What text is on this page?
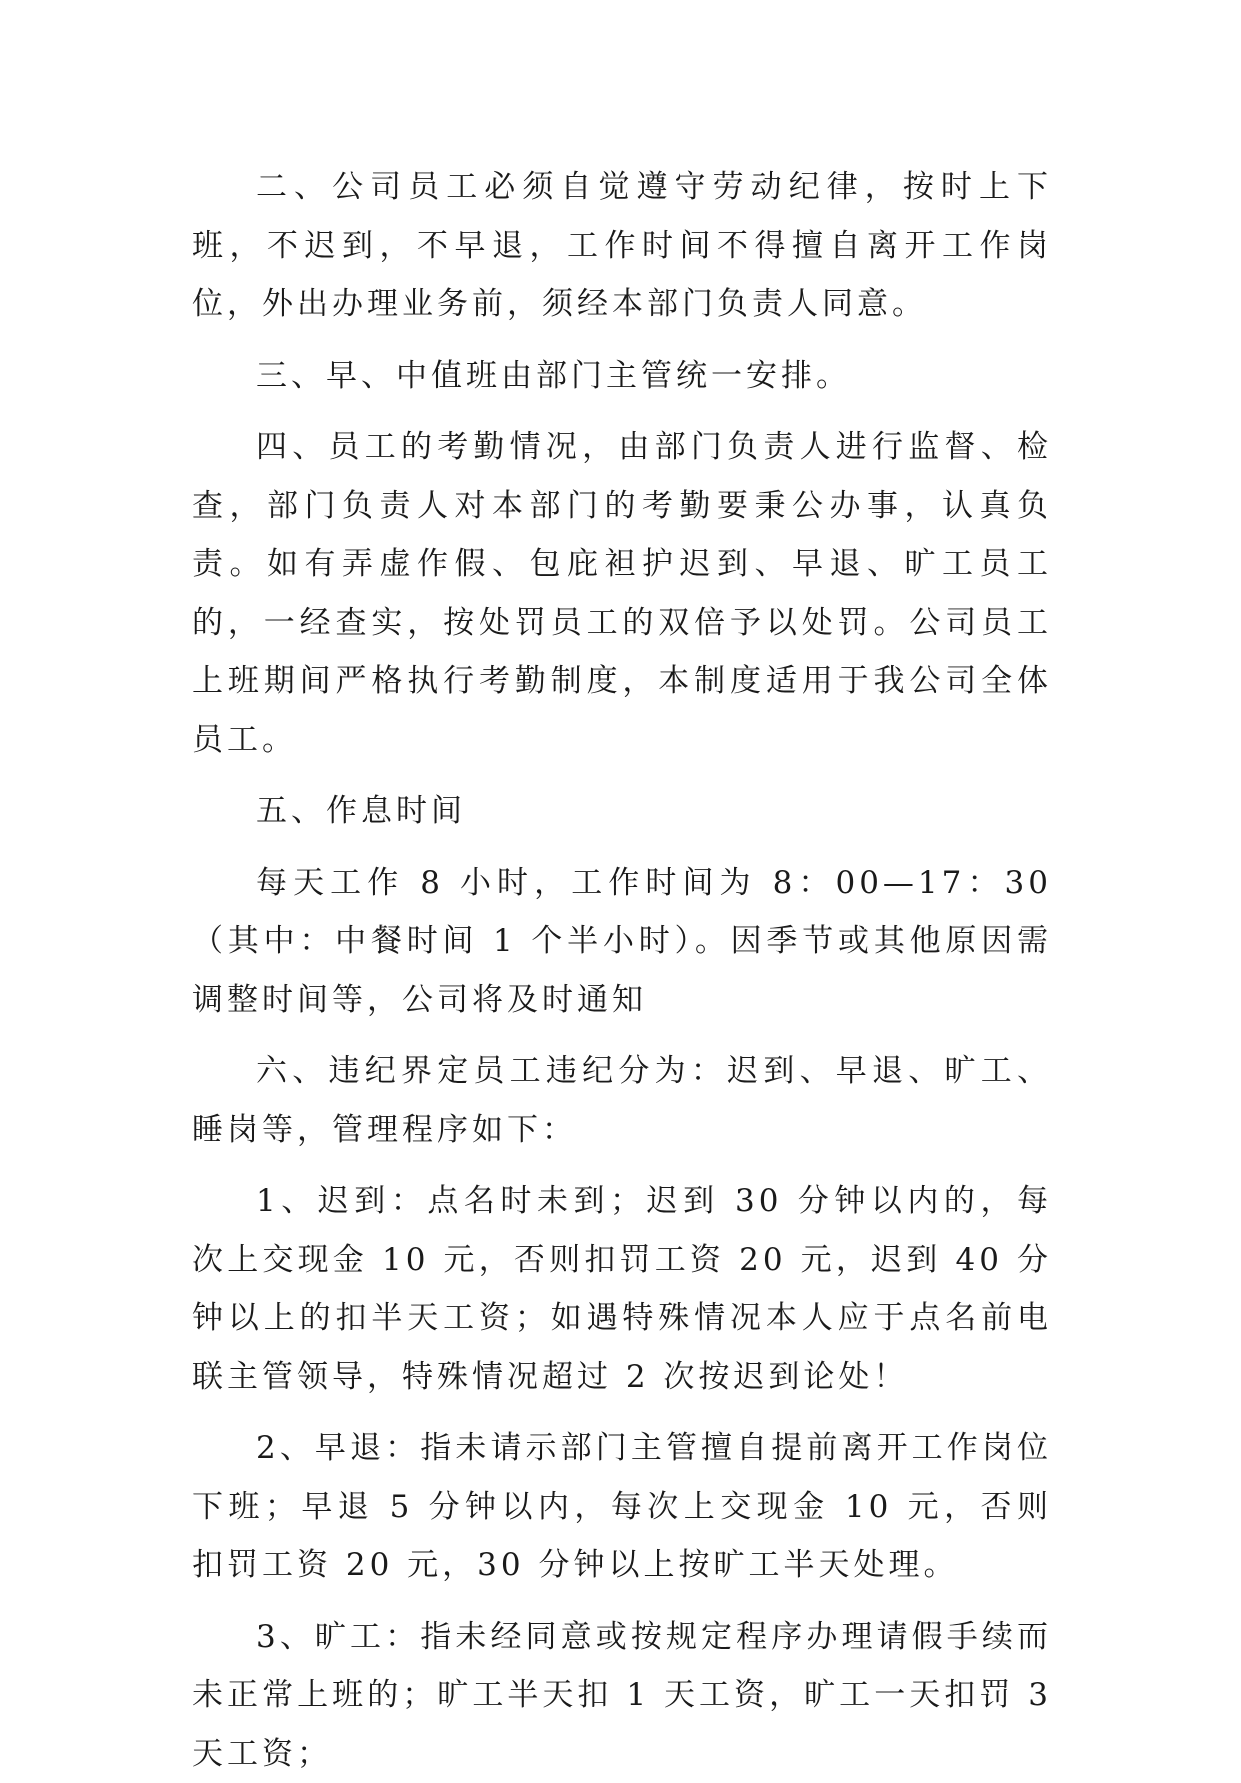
二、公司员工必须自觉遵守劳动纪律，按时上下班，不迟到，不早退，工作时间不得擅自离开工作岗位，外出办理业务前，须经本部门负责人同意。

三、早、中值班由部门主管统一安排。

四、员工的考勤情况，由部门负责人进行监督、检查，部门负责人对本部门的考勤要秉公办事，认真负责。如有弄虚作假、包庇袒护迟到、早退、旷工员工的，一经查实，按处罚员工的双倍予以处罚。公司员工上班期间严格执行考勤制度，本制度适用于我公司全体员工。

五、作息时间

每天工作 8 小时，工作时间为 8：00—17：30（其中：中餐时间 1 个半小时）。因季节或其他原因需调整时间等，公司将及时通知

六、违纪界定员工违纪分为：迟到、早退、旷工、睡岗等，管理程序如下：

1、迟到：点名时未到；迟到 30 分钟以内的，每次上交现金 10 元，否则扣罚工资 20 元，迟到 40 分钟以上的扣半天工资；如遇特殊情况本人应于点名前电联主管领导，特殊情况超过 2 次按迟到论处！

2、早退：指未请示部门主管擅自提前离开工作岗位下班；早退 5 分钟以内，每次上交现金 10 元，否则扣罚工资 20 元，30 分钟以上按旷工半天处理。

3、旷工：指未经同意或按规定程序办理请假手续而未正常上班的；旷工半天扣 1 天工资，旷工一天扣罚 3 天工资；
